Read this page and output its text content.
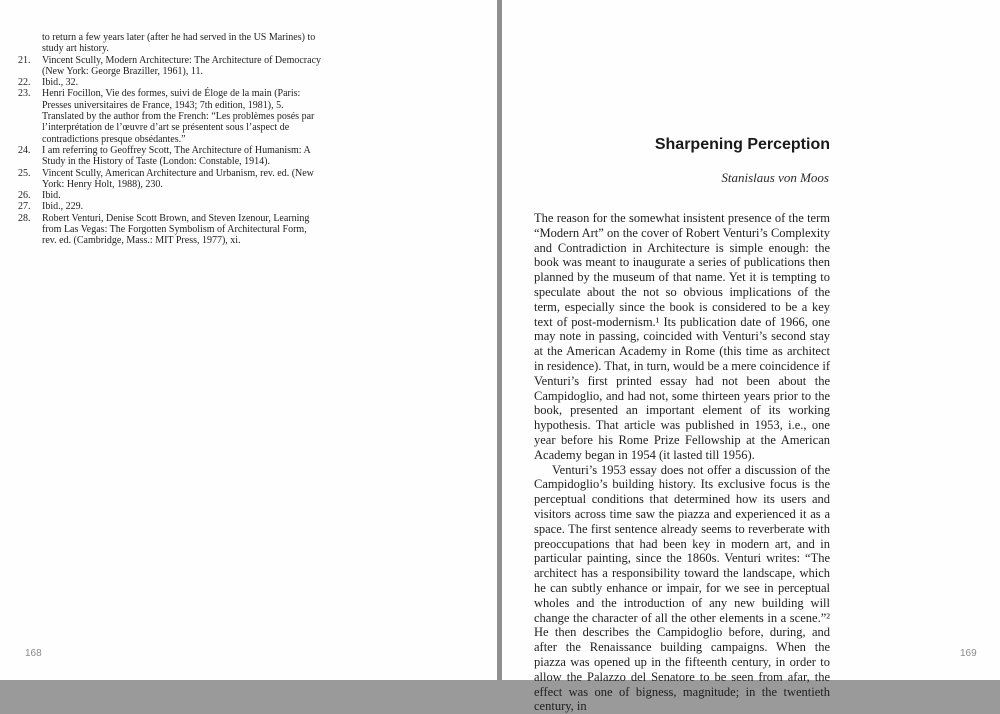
to return a few years later (after he had served in the US Marines) to study art history.
21.	Vincent Scully, Modern Architecture: The Architecture of Democracy (New York: George Braziller, 1961), 11.
22.	Ibid., 32.
23.	Henri Focillon, Vie des formes, suivi de Éloge de la main (Paris: Presses universitaires de France, 1943; 7th edition, 1981), 5. Translated by the author from the French: “Les problèmes posés par l’interprétation de l’œuvre d’art se présentent sous l’aspect de contradictions presque obsédantes.”
24.	I am referring to Geoffrey Scott, The Architecture of Humanism: A Study in the History of Taste (London: Constable, 1914).
25.	Vincent Scully, American Architecture and Urbanism, rev. ed. (New York: Henry Holt, 1988), 230.
26.	Ibid.
27.	Ibid., 229.
28.	Robert Venturi, Denise Scott Brown, and Steven Izenour, Learning from Las Vegas: The Forgotten Symbolism of Architectural Form, rev. ed. (Cambridge, Mass.: MIT Press, 1977), xi.
168
Sharpening Perception
Stanislaus von Moos

The reason for the somewhat insistent presence of the term “Modern Art” on the cover of Robert Venturi’s Complexity and Contradiction in Architecture is simple enough: the book was meant to inaugurate a series of publications then planned by the museum of that name. Yet it is tempting to speculate about the not so obvious implications of the term, especially since the book is considered to be a key text of post-modernism.¹ Its publication date of 1966, one may note in passing, coincided with Venturi’s second stay at the American Academy in Rome (this time as architect in residence). That, in turn, would be a mere coincidence if Venturi’s first printed essay had not been about the Campidoglio, and had not, some thirteen years prior to the book, presented an important element of its working hypothesis. That article was published in 1953, i.e., one year before his Rome Prize Fellowship at the American Academy began in 1954 (it lasted till 1956).

Venturi’s 1953 essay does not offer a discussion of the Campidoglio’s building history. Its exclusive focus is the perceptual conditions that determined how its users and visitors across time saw the piazza and experienced it as a space. The first sentence already seems to reverberate with preoccupations that had been key in modern art, and in particular painting, since the 1860s. Venturi writes: “The architect has a responsibility toward the landscape, which he can subtly enhance or impair, for we see in perceptual wholes and the introduction of any new building will change the character of all the other elements in a scene.”² He then describes the Campidoglio before, during, and after the Renaissance building campaigns. When the piazza was opened up in the fifteenth century, in order to allow the Palazzo del Senatore to be seen from afar, the effect was one of bigness, magnitude; in the twentieth century, in

169
